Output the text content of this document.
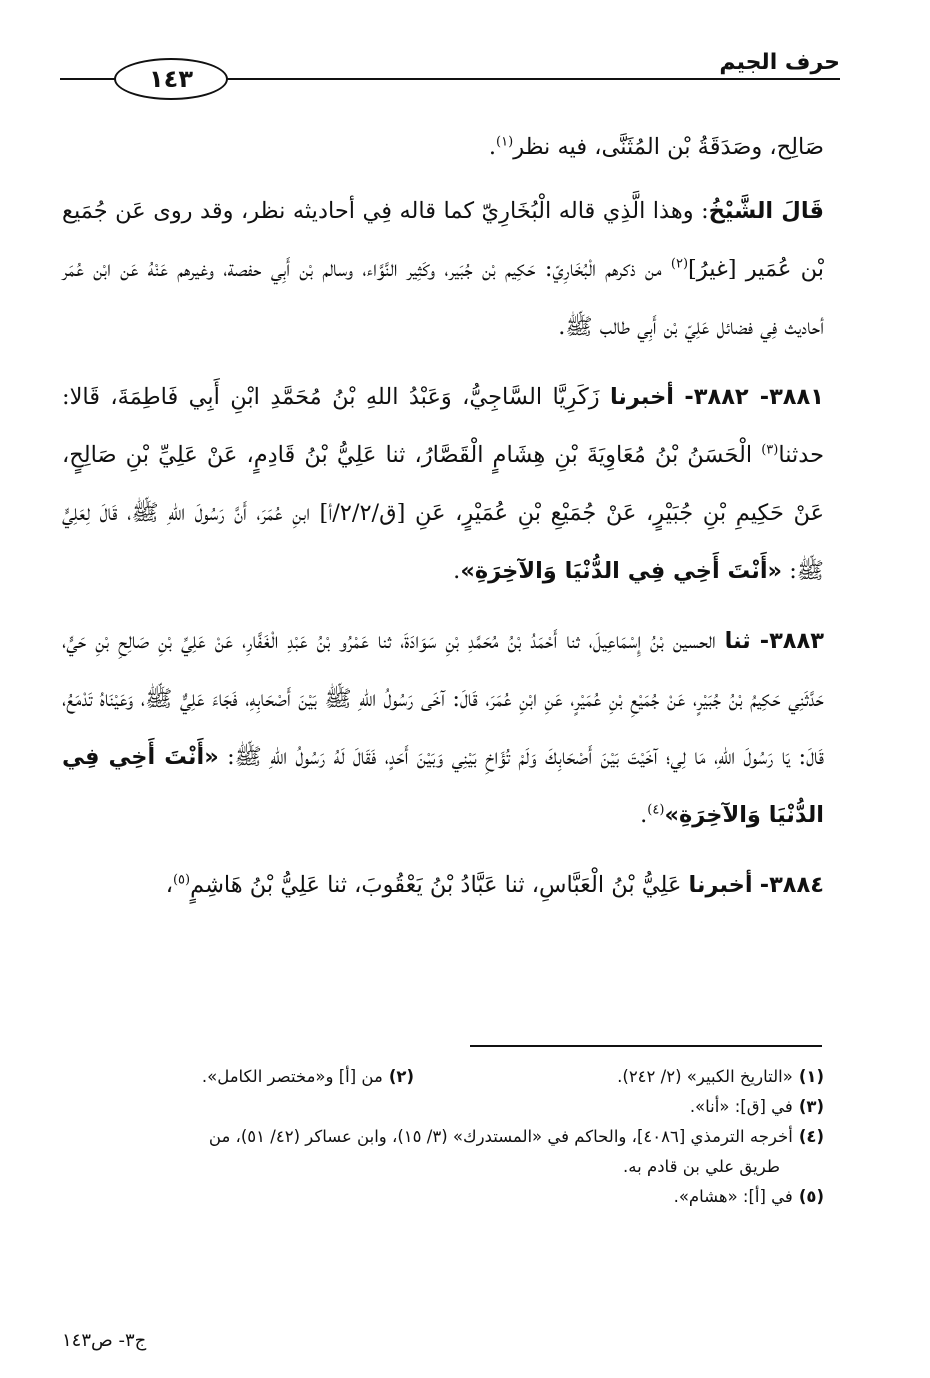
١٤٣
حرف الجيم

صَالِح، وصَدَقَةُ بْن المُثَنَّى، فيه نظر$^{(١)}$.

قَالَ الشَّيْخُ: وهذا الَّذِي قاله الْبُخَارِيّ كما قاله فِي أحاديثه نظر، وقد روى عَن جُمَيع بْن عُمَير [غيرُ]$^{(٢)}$ من ذكرهم الْبُخَارِيّ: حَكِيم بْن جُبَير، وكَثِير النَّوَّاء، وسالم بْن أَبِي حفصة، وغيرهم عَنْهُ عَن ابْن عُمَر أحاديث فِي فضائل عَلِيّ بْن أَبِي طالب ﷺ.

٣٨٨١- ٣٨٨٢- أخبرنا زَكَرِيَّا السَّاجِيُّ، وَعَبْدُ اللهِ بْنُ مُحَمَّدِ ابْنِ أَبِي فَاطِمَةَ، قَالا: حدثنا$^{(٣)}$ الْحَسَنُ بْنُ مُعَاوِيَةَ بْنِ هِشَامٍ الْقَصَّارُ، ثنا عَلِيُّ بْنُ قَادِمٍ، عَنْ عَلِيِّ بْنِ صَالِحٍ، عَنْ حَكِيمِ بْنِ جُبَيْرٍ، عَنْ جُمَيْعِ بْنِ عُمَيْرٍ، عَنِ [ق/٢/٢/أ] ابنِ عُمَرَ، أَنَّ رَسُولَ اللهِ ﷺ، قَالَ لِعَلِيٍّ ﷺ: «أَنْتَ أَخِي فِي الدُّنْيَا وَالآخِرَةِ».

٣٨٨٣- ثنا الحسين بْنُ إِسْمَاعِيلَ، ثنا أَحْمَدُ بْنُ مُحَمَّدِ بْنِ سَوَادَةَ، ثنا عَمْرُو بْنُ عَبْدِ الْغَفَّارِ، عَنْ عَلِيِّ بْنِ صَالِحِ بْنِ حَيٍّ، حَدَّثَنِي حَكِيمُ بْنُ جُبَيْرٍ، عَنْ جُمَيْعِ بْنِ عُمَيْرٍ، عَنِ ابْنِ عُمَرَ، قَالَ: آخَى رَسُولُ اللهِ ﷺ بَيْنَ أَصْحَابِهِ، فَجَاءَ عَلِيٌّ ﷺ، وَعَيْنَاهُ تَدْمَعُ، قَالَ: يَا رَسُولَ اللهِ، مَا لِي؛ آخَيْتَ بَيْنَ أَصْحَابِكَ وَلَمْ تُؤَاخِ بَيْنِي وَبَيْنَ أَحَدٍ، فَقَالَ لَهُ رَسُولُ اللهِ ﷺ: «أَنْتَ أَخِي فِي الدُّنْيَا وَالآخِرَةِ»$^{(٤)}$.

٣٨٨٤- أخبرنا عَلِيُّ بْنُ الْعَبَّاسِ، ثنا عَبَّادُ بْنُ يَعْقُوبَ، ثنا عَلِيُّ بْنُ هَاشِمٍ$^{(٥)}$،

(١)«التاريخ الكبير» (٢/ ٢٤٢).
(٢)من [أ] و«مختصر الكامل».
(٣)في [ق]: «أنا».
(٤)أخرجه الترمذي [٤٠٨٦]، والحاكم في «المستدرك» (٣/ ١٥)، وابن عساكر (٤٢/ ٥١)، من
طريق علي بن قادم به.
(٥)في [أ]: «هشام».
ج٣- ص١٤٣
